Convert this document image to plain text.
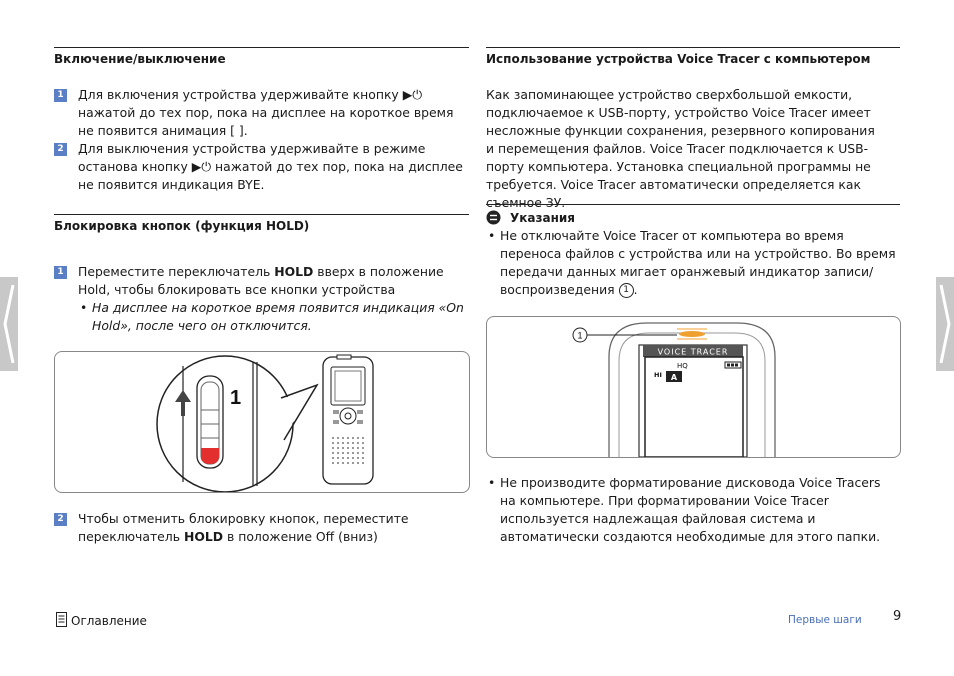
Включение/выключение

1 Для включения устройства удерживайте кнопку ▶⏻ нажатой до тех пор, пока на дисплее на короткое время не появится анимация [ ].

2 Для выключения устройства удерживайте в режиме останова кнопку ▶⏻ нажатой до тех пор, пока на дисплее не появится индикация BYE.

Блокировка кнопок (функция HOLD)

1 Переместите переключатель HOLD вверх в положение Hold, чтобы блокировать все кнопки устройства

• На дисплее на короткое время появится индикация «On Hold», после чего он отключится.

1

2 Чтобы отменить блокировку кнопок, переместите переключатель HOLD в положение Off (вниз)

Использование устройства Voice Tracer с компьютером

Как запоминающее устройство сверхбольшой емкости, подключаемое к USB-порту, устройство Voice Tracer имеет несложные функции сохранения, резервного копирования и перемещения файлов. Voice Tracer подключается к USB-порту компьютера. Установка специальной программы не требуется. Voice Tracer автоматически определяется как съемное ЗУ.

Указания

• Не отключайте Voice Tracer от компьютера во время переноса файлов с устройства или на устройство. Во время передачи данных мигает оранжевый индикатор записи/воспроизведения 1 .

1
VOICE TRACER
HQ
HI A

• Не производите форматирование дисковода Voice Tracers на компьютере. При форматировании Voice Tracer используется надлежащая файловая система и автоматически создаются необходимые для этого папки.

Оглавление	Первые шаги 9
